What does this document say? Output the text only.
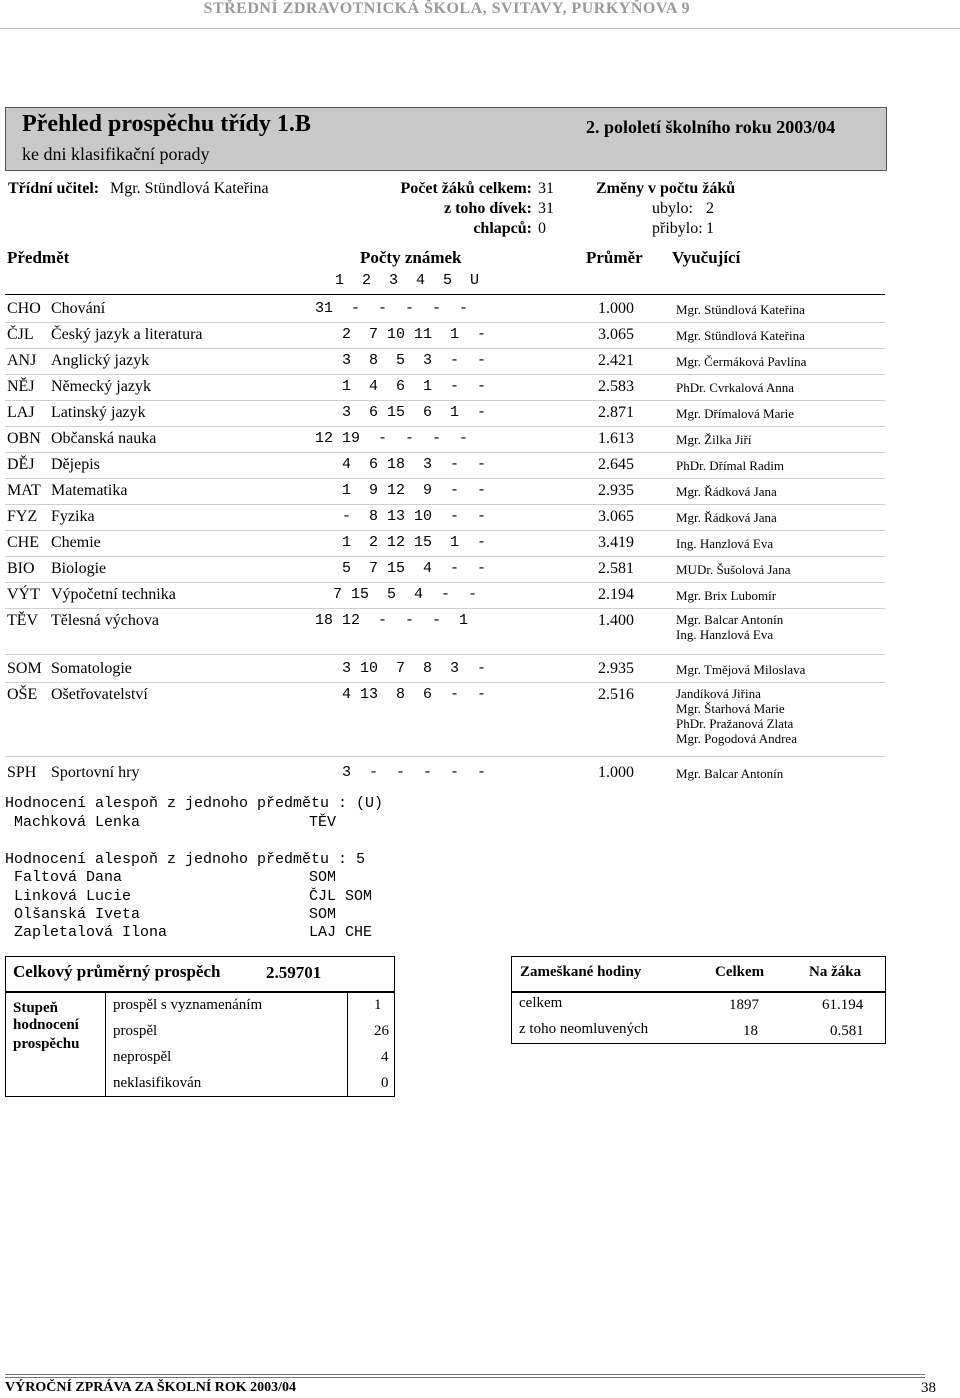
STŘEDNÍ ZDRAVOTNICKÁ ŠKOLA, SVITAVY, PURKYŇOVA 9
Přehled prospěchu třídy 1.B
ke dni klasifikační porady
2. pololetí školního roku 2003/04
Třídní učitel: Mgr. Stündlová Kateřina	Počet žáků celkem: 31
z toho dívek: 31
chlapců: 0
Změny v počtu žáků
ubylo: 2
přibylo: 1
Předmět	Počty známek
1  2  3  4  5  U
Průměr Vyučující
CHO Chování	31  -  -  -  -  -	1.000	Mgr. Stündlová Kateřina
ČJL Český jazyk a literatura	2  7 10 11  1  -	3.065	Mgr. Stündlová Kateřina
ANJ Anglický jazyk	3  8  5  3  -  -	2.421	Mgr. Čermáková Pavlína
NĚJ Německý jazyk	1  4  6  1  -  -	2.583	PhDr. Cvrkalová Anna
LAJ Latinský jazyk	3  6 15  6  1  -	2.871	Mgr. Dřímalová Marie
OBN Občanská nauka	12 19  -  -  -  -	1.613	Mgr. Žilka Jiří
DĚJ Dějepis	4  6 18  3  -  -	2.645	PhDr. Dřímal Radim
MAT Matematika	1  9 12  9  -  -	2.935	Mgr. Řádková Jana
FYZ Fyzika	-  8 13 10  -  -	3.065	Mgr. Řádková Jana
CHE Chemie	1  2 12 15  1  -	3.419	Ing. Hanzlová Eva
BIO Biologie	5  7 15  4  -  -	2.581	MUDr. Šušolová Jana
VÝT Výpočetní technika	7 15  5  4  -  -	2.194	Mgr. Brix Lubomír
TĚV Tělesná výchova	18 12  -  -  -  1	1.400	Mgr. Balcar Antonín
Ing. Hanzlová Eva
SOM Somatologie	3 10  7  8  3  -	2.935	Mgr. Tmějová Miloslava
OŠE Ošetřovatelství	4 13  8  6  -  -	2.516	Jandíková Jiřina
Mgr. Štarhová Marie
PhDr. Pražanová Zlata
Mgr. Pogodová Andrea
SPH Sportovní hry	3  -  -  -  -  -	1.000	Mgr. Balcar Antonín
Hodnocení alespoň z jednoho předmětu : (U)
Machková Lenka	TĚV
Hodnocení alespoň z jednoho předmětu : 5
Faltová Dana	SOM
Linková Lucie	ČJL SOM
Olšanská Iveta	SOM
Zapletalová Ilona	LAJ CHE
Celkový průměrný prospěch	2.59701
Stupeň
hodnocení
prospěchu
prospěl s vyznamenáním	1
prospěl	26
neprospěl	4
neklasifikován	0
Zameškané hodiny	Celkem	Na žáka
celkem	1897	61.194
z toho neomluvených	18	0.581
VÝROČNÍ ZPRÁVA ZA ŠKOLNÍ ROK 2003/04	38
